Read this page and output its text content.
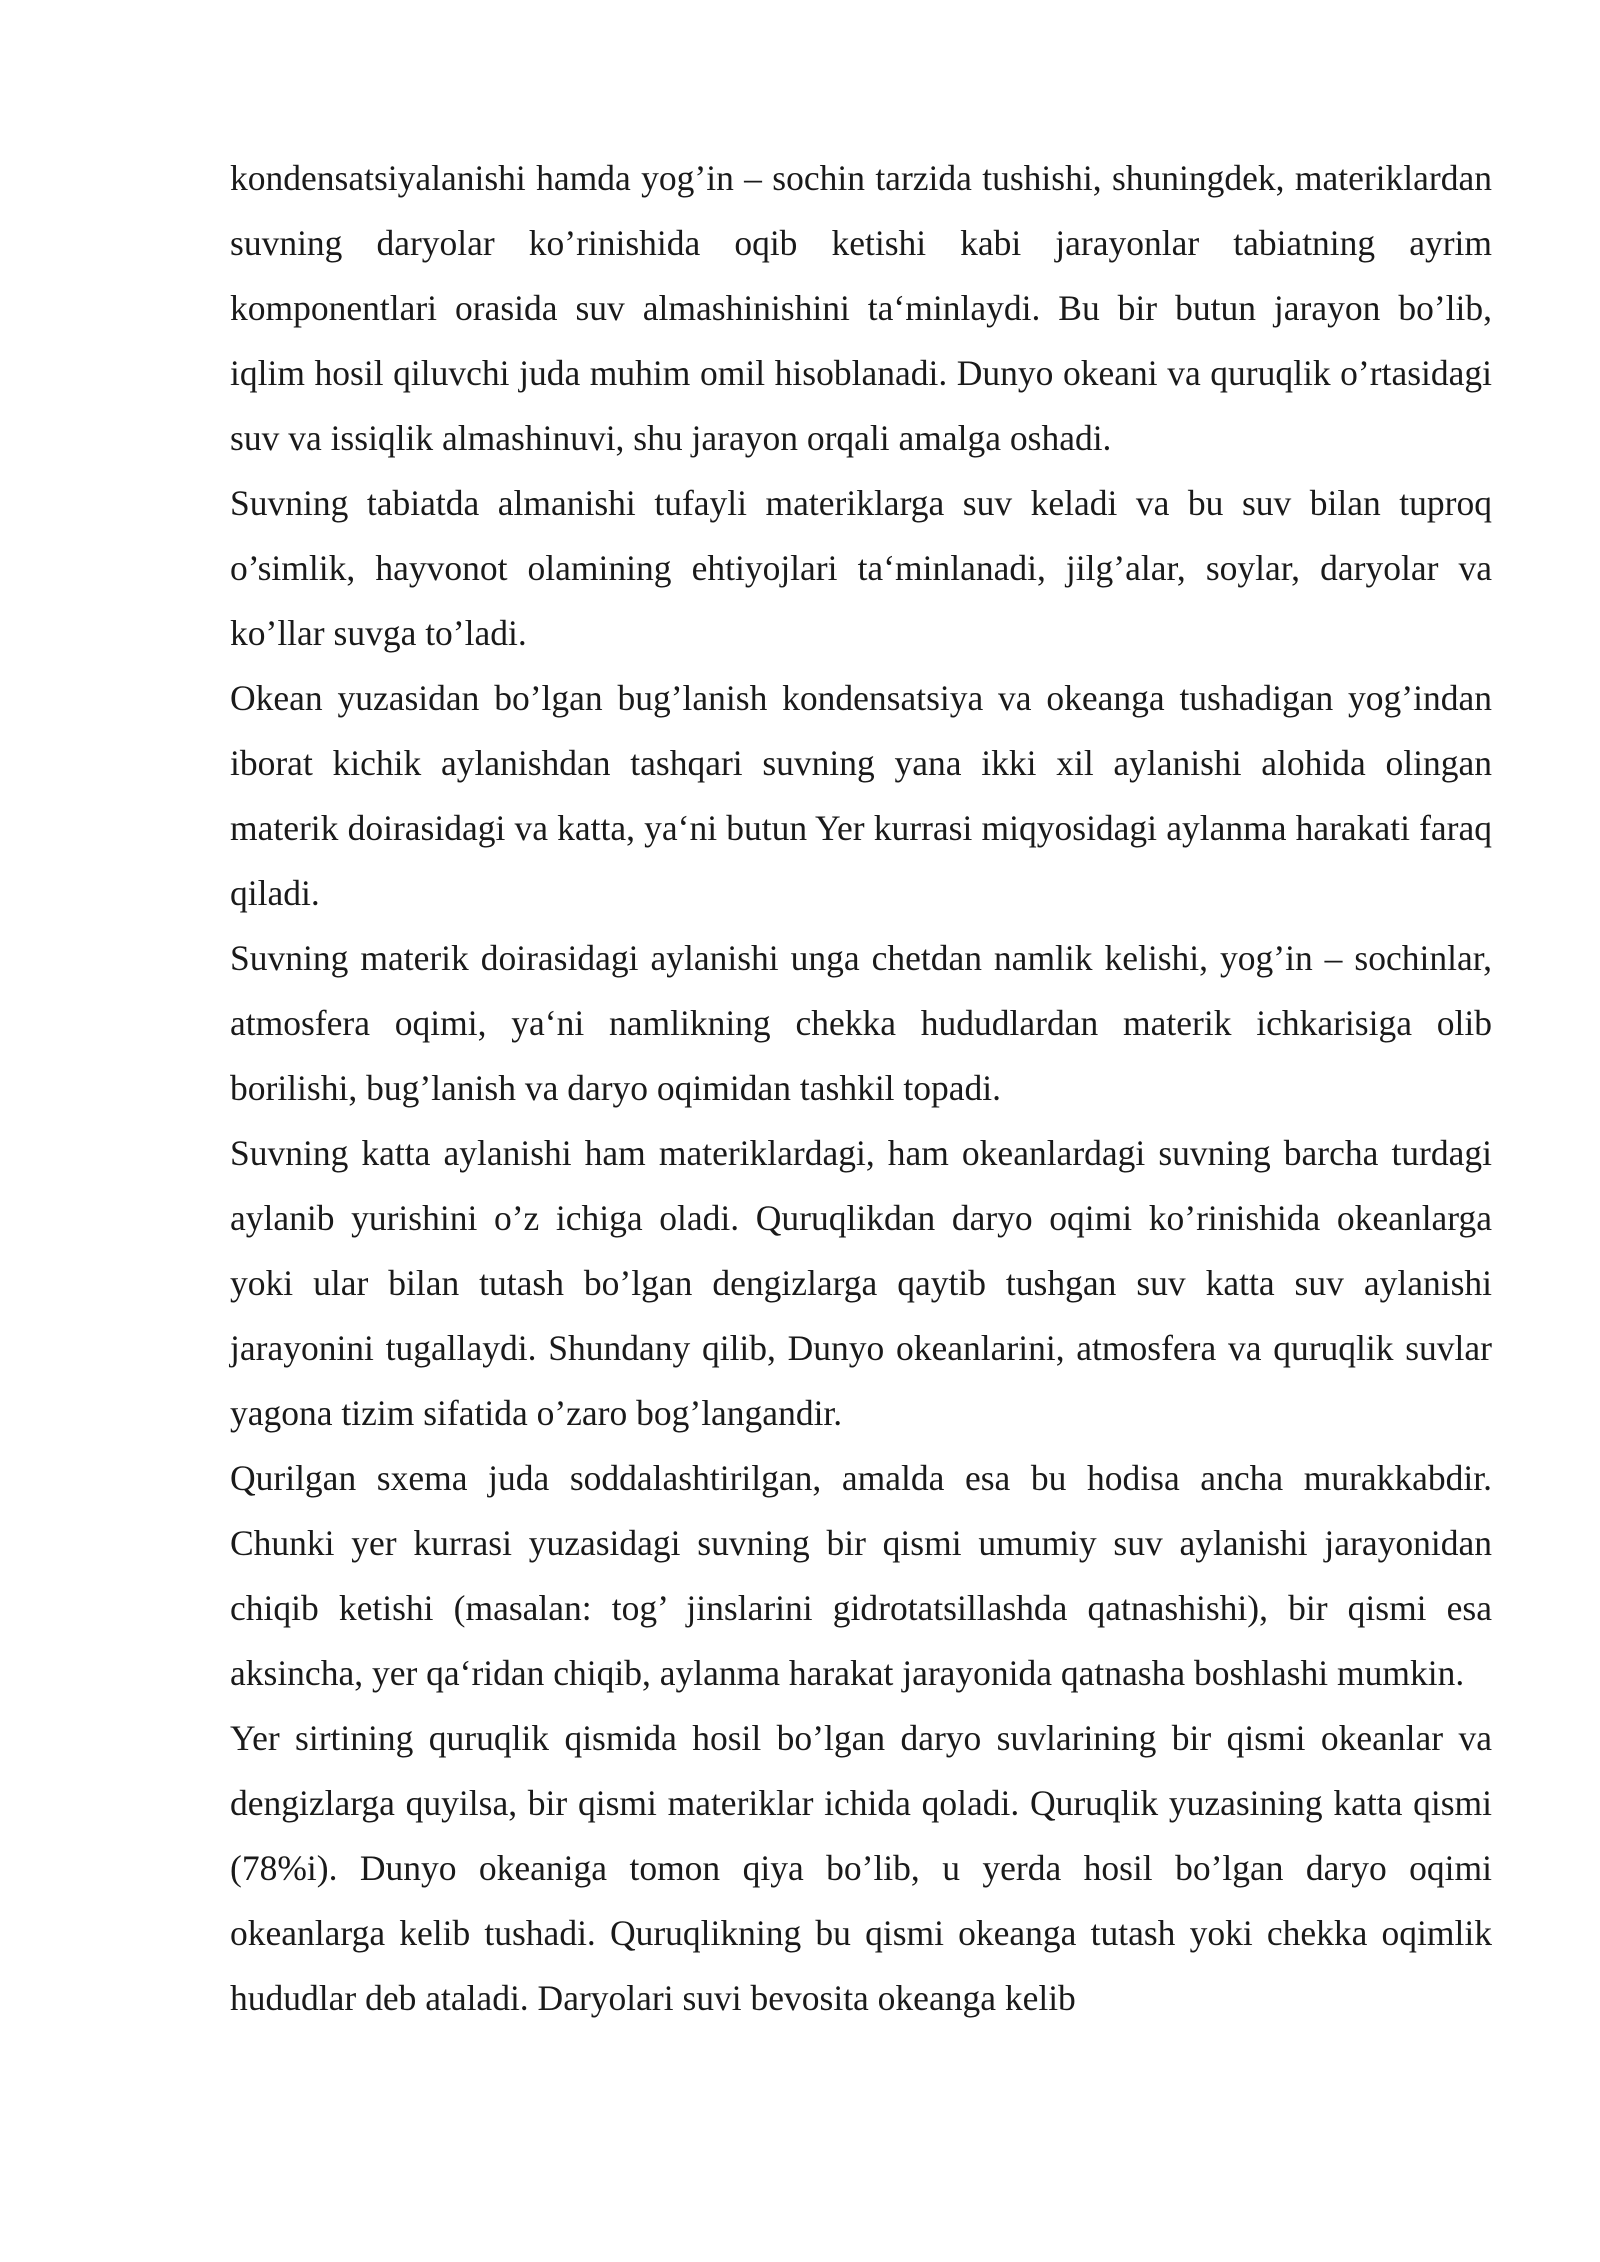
kondensatsiyalanishi hamda yog’in – sochin tarzida tushishi, shuningdek, materiklardan suvning daryolar ko’rinishida oqib ketishi kabi jarayonlar tabiatning ayrim komponentlari orasida suv almashinishini ta‘minlaydi. Bu bir butun jarayon bo’lib, iqlim hosil qiluvchi juda muhim omil hisoblanadi. Dunyo okeani va quruqlik o’rtasidagi suv va issiqlik almashinuvi, shu jarayon orqali amalga oshadi.

Suvning tabiatda almanishi tufayli materiklarga suv keladi va bu suv bilan tuproq o’simlik, hayvonot olamining ehtiyojlari ta‘minlanadi, jilg’alar, soylar, daryolar va ko’llar suvga to’ladi.

Okean yuzasidan bo’lgan bug’lanish kondensatsiya va okeanga tushadigan yog’indan iborat kichik aylanishdan tashqari suvning yana ikki xil aylanishi alohida olingan materik doirasidagi va katta, ya‘ni butun Yer kurrasi miqyosidagi aylanma harakati faraq qiladi.

Suvning materik doirasidagi aylanishi unga chetdan namlik kelishi, yog’in – sochinlar, atmosfera oqimi, ya‘ni namlikning chekka hududlardan materik ichkarisiga olib borilishi, bug’lanish va daryo oqimidan tashkil topadi.

Suvning katta aylanishi ham materiklardagi, ham okeanlardagi suvning barcha turdagi aylanib yurishini o’z ichiga oladi. Quruqlikdan daryo oqimi ko’rinishida okeanlarga yoki ular bilan tutash bo’lgan dengizlarga qaytib tushgan suv katta suv aylanishi jarayonini tugallaydi. Shundany qilib, Dunyo okeanlarini, atmosfera va quruqlik suvlar yagona tizim sifatida o’zaro bog’langandir.

Qurilgan sxema juda soddalashtirilgan, amalda esa bu hodisa ancha murakkabdir. Chunki yer kurrasi yuzasidagi suvning bir qismi umumiy suv aylanishi jarayonidan chiqib ketishi (masalan: tog’ jinslarini gidrotatsillashda qatnashishi), bir qismi esa aksincha, yer qa‘ridan chiqib, aylanma harakat jarayonida qatnasha boshlashi mumkin.

Yer sirtining quruqlik qismida hosil bo’lgan daryo suvlarining bir qismi okeanlar va dengizlarga quyilsa, bir qismi materiklar ichida qoladi. Quruqlik yuzasining katta qismi (78%i). Dunyo okeaniga tomon qiya bo’lib, u yerda hosil bo’lgan daryo oqimi okeanlarga kelib tushadi. Quruqlikning bu qismi okeanga tutash yoki chekka oqimlik hududlar deb ataladi. Daryolari suvi bevosita okeanga kelib
